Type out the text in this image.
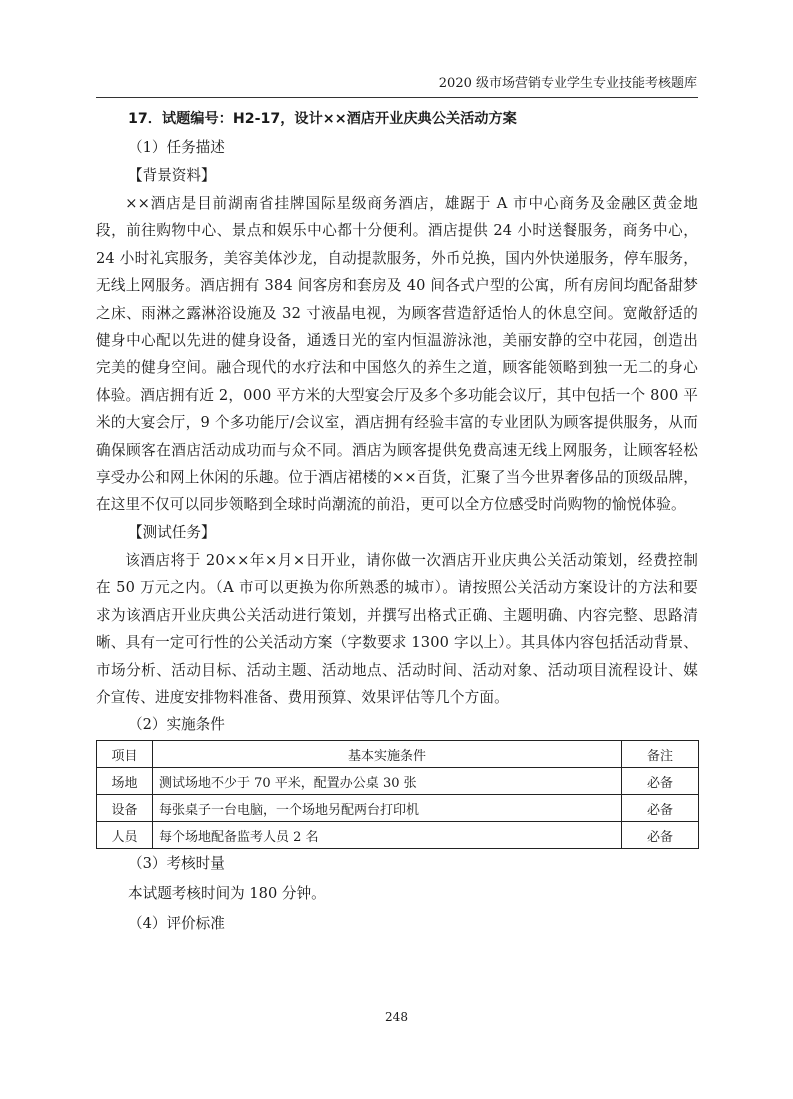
2020 级市场营销专业学生专业技能考核题库
17．试题编号：H2-17，设计××酒店开业庆典公关活动方案
（1）任务描述
【背景资料】

××酒店是目前湖南省挂牌国际星级商务酒店，雄踞于 A 市中心商务及金融区黄金地段，前往购物中心、景点和娱乐中心都十分便利。酒店提供 24 小时送餐服务，商务中心，24 小时礼宾服务，美容美体沙龙，自动提款服务，外币兑换，国内外快递服务，停车服务，无线上网服务。酒店拥有 384 间客房和套房及 40 间各式户型的公寓，所有房间均配备甜梦之床、雨淋之露淋浴设施及 32 寸液晶电视，为顾客营造舒适怡人的休息空间。宽敞舒适的健身中心配以先进的健身设备，通透日光的室内恒温游泳池，美丽安静的空中花园，创造出完美的健身空间。融合现代的水疗法和中国悠久的养生之道，顾客能领略到独一无二的身心体验。酒店拥有近 2，000 平方米的大型宴会厅及多个多功能会议厅，其中包括一个 800 平米的大宴会厅，9 个多功能厅/会议室，酒店拥有经验丰富的专业团队为顾客提供服务，从而确保顾客在酒店活动成功而与众不同。酒店为顾客提供免费高速无线上网服务，让顾客轻松享受办公和网上休闲的乐趣。位于酒店裙楼的××百货，汇聚了当今世界奢侈品的顶级品牌，在这里不仅可以同步领略到全球时尚潮流的前沿，更可以全方位感受时尚购物的愉悦体验。

【测试任务】

该酒店将于 20××年×月×日开业，请你做一次酒店开业庆典公关活动策划，经费控制在 50 万元之内。（A 市可以更换为你所熟悉的城市）。请按照公关活动方案设计的方法和要求为该酒店开业庆典公关活动进行策划，并撰写出格式正确、主题明确、内容完整、思路清晰、具有一定可行性的公关活动方案（字数要求 1300 字以上）。其具体内容包括活动背景、市场分析、活动目标、活动主题、活动地点、活动时间、活动对象、活动项目流程设计、媒介宣传、进度安排物料准备、费用预算、效果评估等几个方面。

（2）实施条件
项目	基本实施条件	备注
场地	测试场地不少于 70 平米，配置办公桌 30 张	必备
设备	每张桌子一台电脑，一个场地另配两台打印机	必备
人员	每个场地配备监考人员 2 名	必备
（3）考核时量
本试题考核时间为 180 分钟。
（4）评价标准
248
